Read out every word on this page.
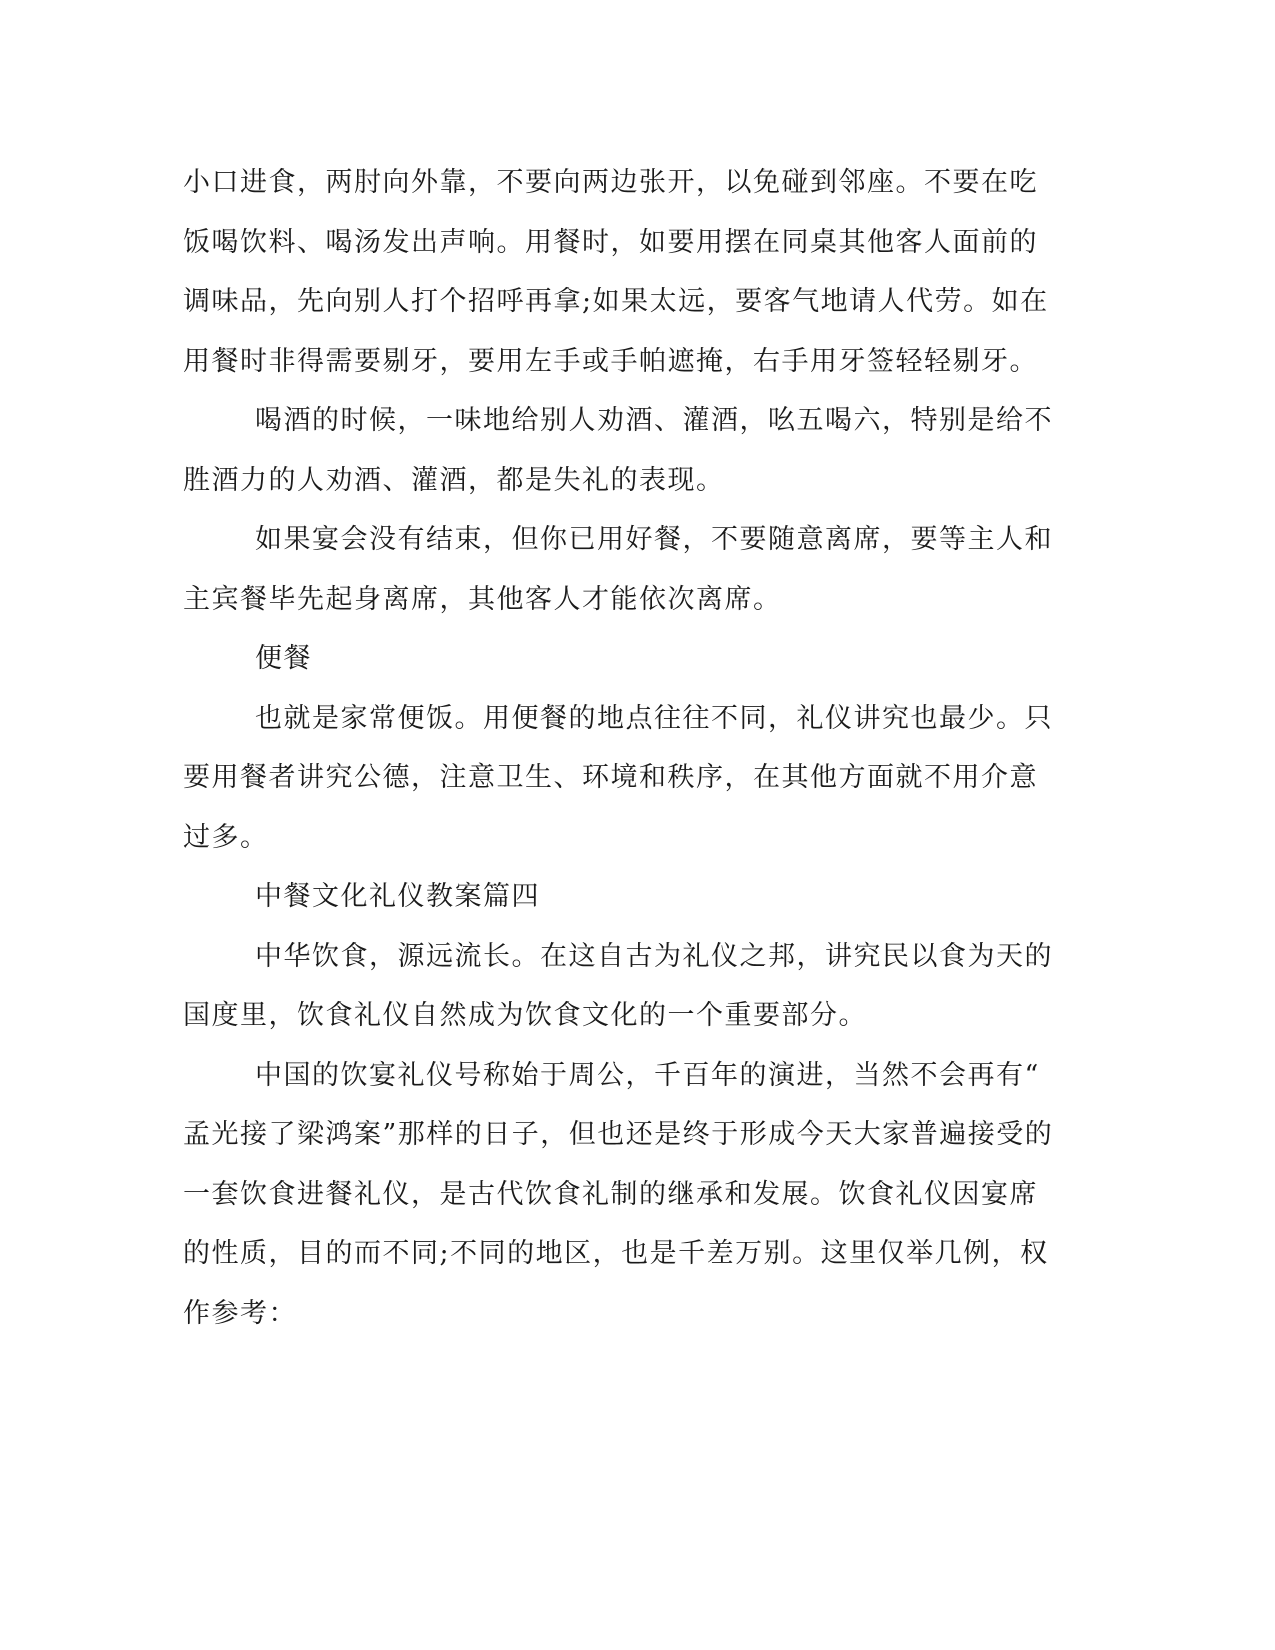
小口进食，两肘向外靠，不要向两边张开，以免碰到邻座。不要在吃
饭喝饮料、喝汤发出声响。用餐时，如要用摆在同桌其他客人面前的
调味品，先向别人打个招呼再拿;如果太远，要客气地请人代劳。如在
用餐时非得需要剔牙，要用左手或手帕遮掩，右手用牙签轻轻剔牙。
喝酒的时候，一味地给别人劝酒、灌酒，吆五喝六，特别是给不
胜酒力的人劝酒、灌酒，都是失礼的表现。
如果宴会没有结束，但你已用好餐，不要随意离席，要等主人和
主宾餐毕先起身离席，其他客人才能依次离席。
便餐
也就是家常便饭。用便餐的地点往往不同，礼仪讲究也最少。只
要用餐者讲究公德，注意卫生、环境和秩序，在其他方面就不用介意
过多。
中餐文化礼仪教案篇四
中华饮食，源远流长。在这自古为礼仪之邦，讲究民以食为天的
国度里，饮食礼仪自然成为饮食文化的一个重要部分。
中国的饮宴礼仪号称始于周公，千百年的演进，当然不会再有“
孟光接了梁鸿案”那样的日子，但也还是终于形成今天大家普遍接受的
一套饮食进餐礼仪，是古代饮食礼制的继承和发展。饮食礼仪因宴席
的性质，目的而不同;不同的地区，也是千差万别。这里仅举几例，权
作参考：
